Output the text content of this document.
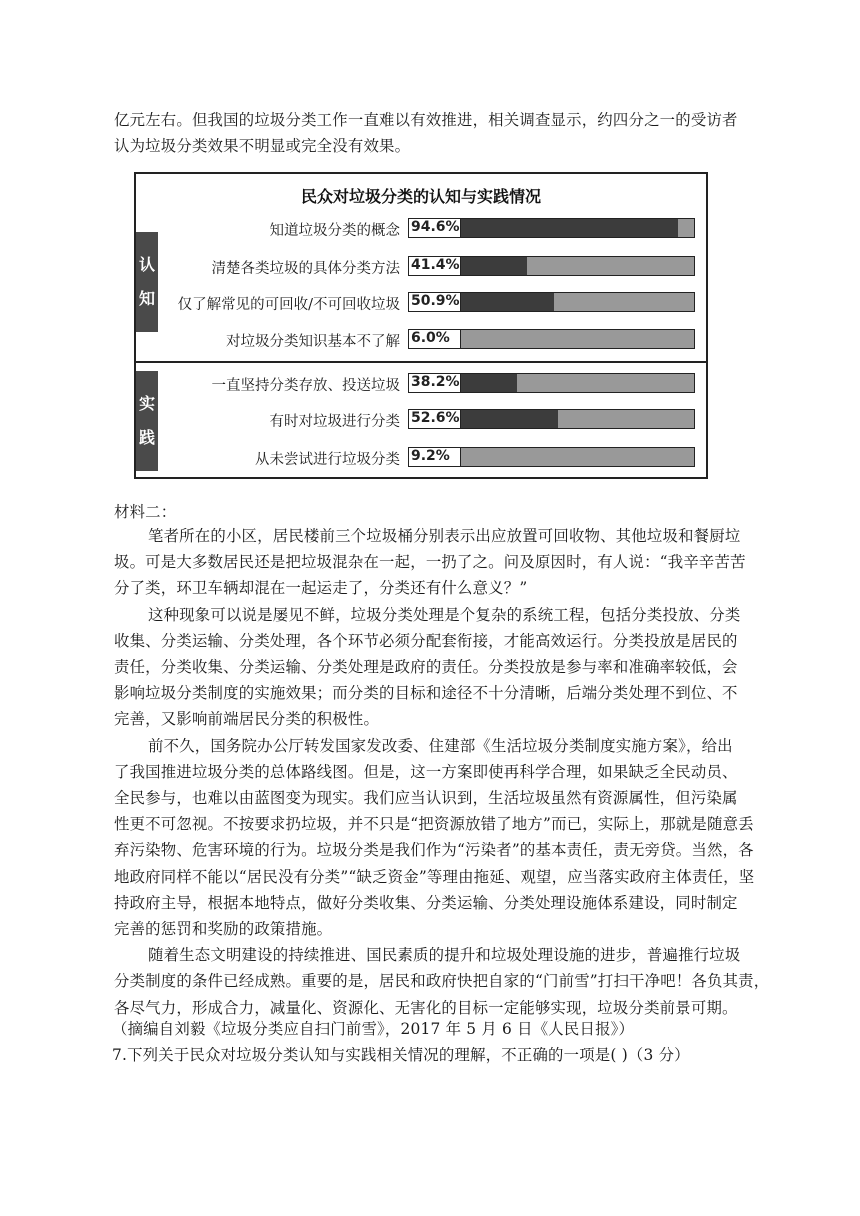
亿元左右。但我国的垃圾分类工作一直难以有效推进，相关调查显示，约四分之一的受访者
认为垃圾分类效果不明显或完全没有效果。
民众对垃圾分类的认知与实践情况
认
知
实
践
知道垃圾分类的概念 94.6%
清楚各类垃圾的具体分类方法 41.4%
仅了解常见的可回收/不可回收垃圾 50.9%
对垃圾分类知识基本不了解 6.0%
一直坚持分类存放、投送垃圾 38.2%
有时对垃圾进行分类 52.6%
从未尝试进行垃圾分类 9.2%
材料二：
笔者所在的小区，居民楼前三个垃圾桶分别表示出应放置可回收物、其他垃圾和餐厨垃
圾。可是大多数居民还是把垃圾混杂在一起，一扔了之。问及原因时，有人说：“我辛辛苦苦
分了类，环卫车辆却混在一起运走了，分类还有什么意义？”
这种现象可以说是屡见不鲜，垃圾分类处理是个复杂的系统工程，包括分类投放、分类
收集、分类运输、分类处理，各个环节必须分配套衔接，才能高效运行。分类投放是居民的
责任，分类收集、分类运输、分类处理是政府的责任。分类投放是参与率和准确率较低，会
影响垃圾分类制度的实施效果；而分类的目标和途径不十分清晰，后端分类处理不到位、不
完善，又影响前端居民分类的积极性。
前不久，国务院办公厅转发国家发改委、住建部《生活垃圾分类制度实施方案》，给出
了我国推进垃圾分类的总体路线图。但是，这一方案即使再科学合理，如果缺乏全民动员、
全民参与，也难以由蓝图变为现实。我们应当认识到，生活垃圾虽然有资源属性，但污染属
性更不可忽视。不按要求扔垃圾，并不只是“把资源放错了地方”而已，实际上，那就是随意丢
弃污染物、危害环境的行为。垃圾分类是我们作为“污染者”的基本责任，责无旁贷。当然，各
地政府同样不能以“居民没有分类”“缺乏资金”等理由拖延、观望，应当落实政府主体责任，坚
持政府主导，根据本地特点，做好分类收集、分类运输、分类处理设施体系建设，同时制定
完善的惩罚和奖励的政策措施。
随着生态文明建设的持续推进、国民素质的提升和垃圾处理设施的进步，普遍推行垃圾
分类制度的条件已经成熟。重要的是，居民和政府快把自家的“门前雪”打扫干净吧！各负其责，
各尽气力，形成合力，减量化、资源化、无害化的目标一定能够实现，垃圾分类前景可期。
（摘编自刘毅《垃圾分类应自扫门前雪》，2017 年 5 月 6 日《人民日报》）
7.下列关于民众对垃圾分类认知与实践相关情况的理解，不正确的一项是( )（3 分）
